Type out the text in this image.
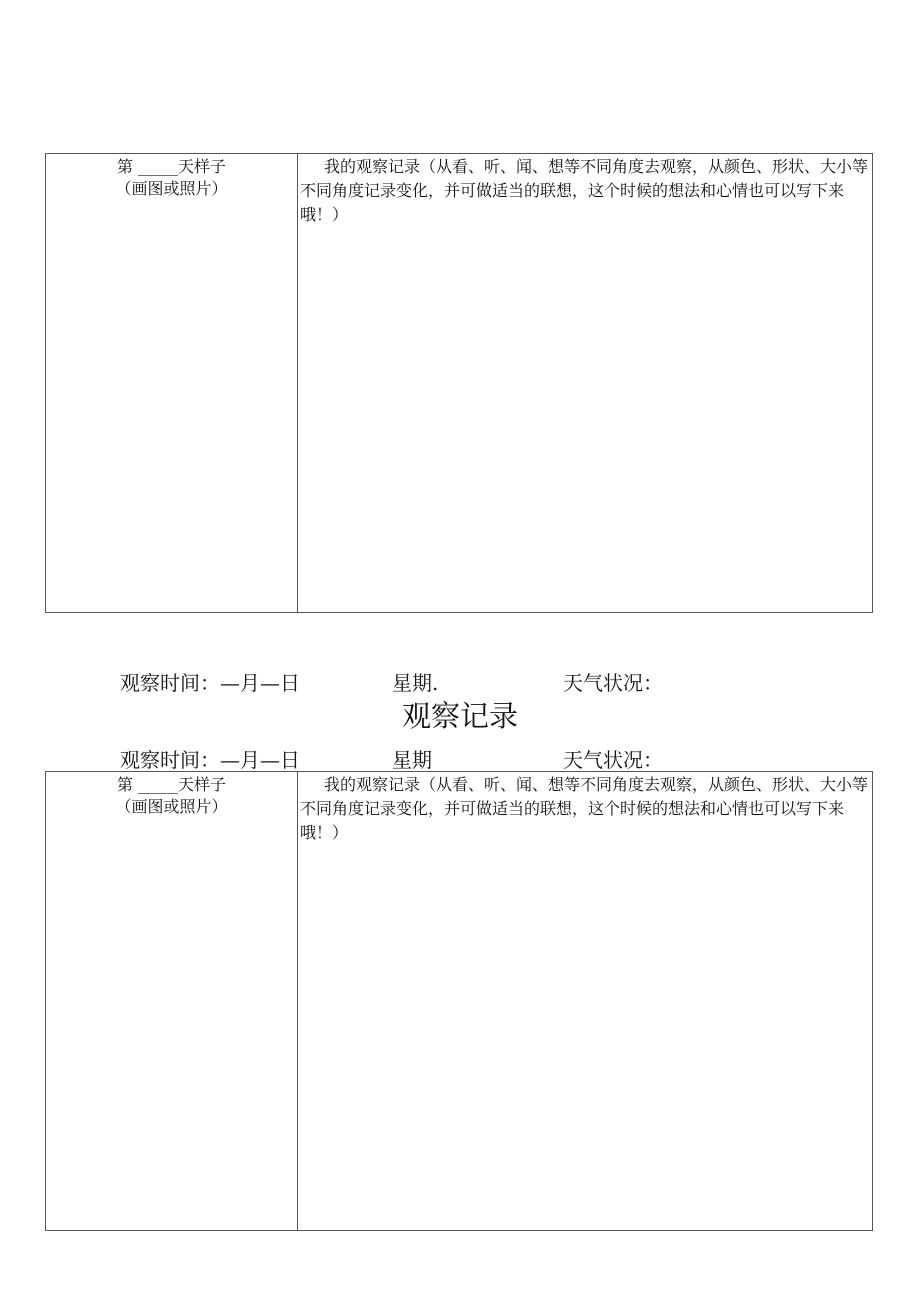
第 _____天样子
（画图或照片）
我的观察记录（从看、听、闻、想等不同角度去观察，从颜色、形状、大小等不同角度记录变化，并可做适当的联想，这个时候的想法和心情也可以写下来哦！）
观察时间：—月—日	星期.	天气状况：
观察记录
观察时间：—月—日	星期	天气状况：
第 _____天样子
（画图或照片）
我的观察记录（从看、听、闻、想等不同角度去观察，从颜色、形状、大小等不同角度记录变化，并可做适当的联想，这个时候的想法和心情也可以写下来哦！）
